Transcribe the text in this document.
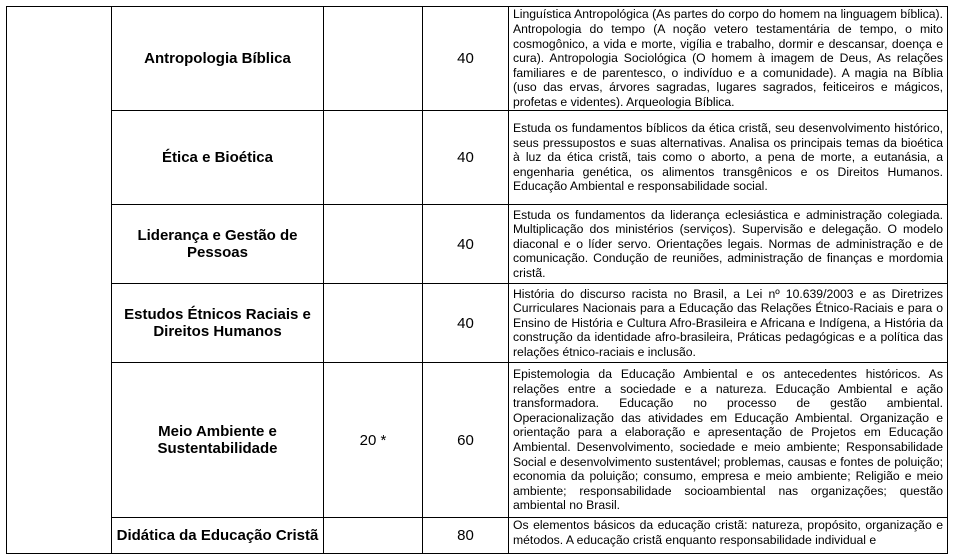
	Antropologia Bíblica		40	Linguística Antropológica (As partes do corpo do homem na linguagem bíblica). Antropologia do tempo (A noção vetero testamentária de tempo, o mito cosmogônico, a vida e morte, vigília e trabalho, dormir e descansar, doença e cura). Antropologia Sociológica (O homem à imagem de Deus, As relações familiares e de parentesco, o indivíduo e a comunidade). A magia na Bíblia (uso das ervas, árvores sagradas, lugares sagrados, feiticeiros e mágicos, profetas e videntes). Arqueologia Bíblica.
	Ética e Bioética		40	Estuda os fundamentos bíblicos da ética cristã, seu desenvolvimento histórico, seus pressupostos e suas alternativas. Analisa os principais temas da bioética à luz da ética cristã, tais como o aborto, a pena de morte, a eutanásia, a engenharia genética, os alimentos transgênicos e os Direitos Humanos. Educação Ambiental e responsabilidade social.
	Liderança e Gestão de Pessoas		40	Estuda os fundamentos da liderança eclesiástica e administração colegiada. Multiplicação dos ministérios (serviços). Supervisão e delegação. O modelo diaconal e o líder servo. Orientações legais. Normas de administração e de comunicação. Condução de reuniões, administração de finanças e mordomia cristã.
	Estudos Étnicos Raciais e Direitos Humanos		40	História do discurso racista no Brasil, a Lei nº 10.639/2003 e as Diretrizes Curriculares Nacionais para a Educação das Relações Étnico-Raciais e para o Ensino de História e Cultura Afro-Brasileira e Africana e Indígena, a História da construção da identidade afro-brasileira, Práticas pedagógicas e a política das relações étnico-raciais e inclusão.
	Meio Ambiente e Sustentabilidade	20 *	60	Epistemologia da Educação Ambiental e os antecedentes históricos. As relações entre a sociedade e a natureza. Educação Ambiental e ação transformadora. Educação no processo de gestão ambiental. Operacionalização das atividades em Educação Ambiental. Organização e orientação para a elaboração e apresentação de Projetos em Educação Ambiental. Desenvolvimento, sociedade e meio ambiente; Responsabilidade Social e desenvolvimento sustentável; problemas, causas e fontes de poluição; economia da poluição; consumo, empresa e meio ambiente; Religião e meio ambiente; responsabilidade socioambiental nas organizações; questão ambiental no Brasil.
	Didática da Educação Cristã		80	Os elementos básicos da educação cristã: natureza, propósito, organização e métodos. A educação cristã enquanto responsabilidade individual e
